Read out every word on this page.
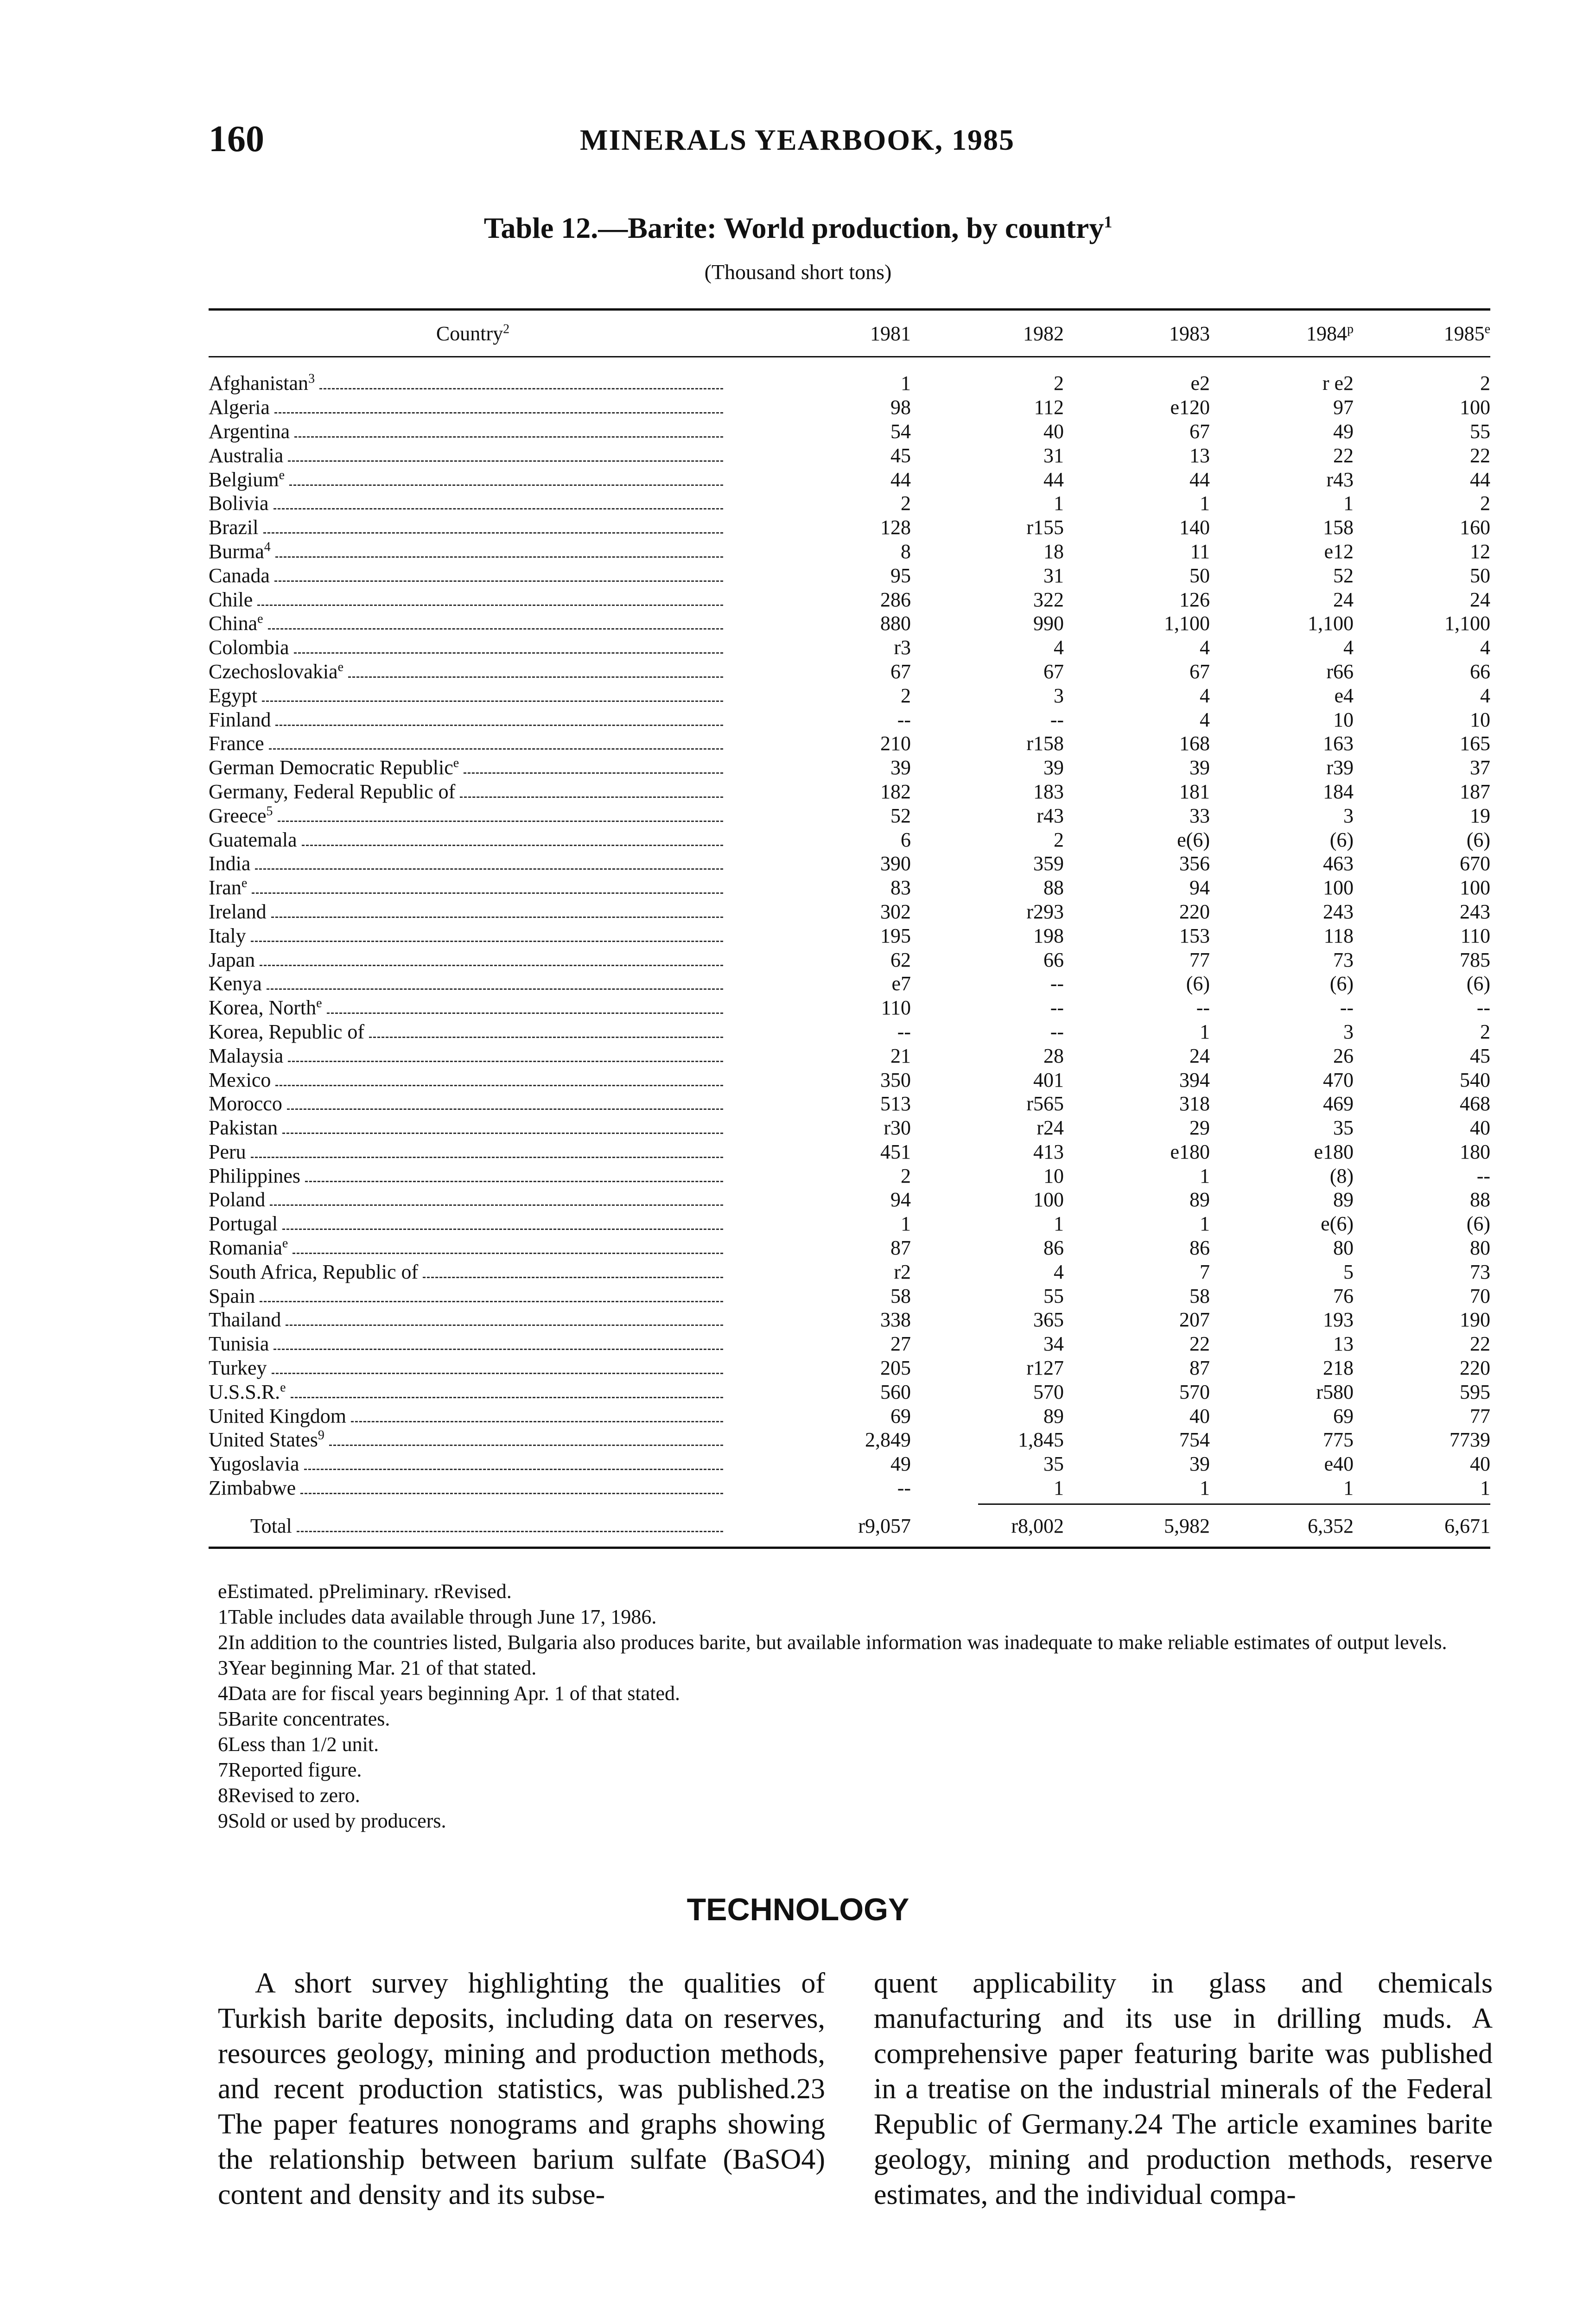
160	MINERALS YEARBOOK, 1985
Table 12.—Barite: World production, by country$^1$
(Thousand short tons)
Country$^2$	1981	1982	1983	1984$^p$	1985e
Afghanistan$^3$	1	2	e2	r e2	2
Algeria	98	112	e120	97	100
Argentina	54	40	67	49	55
Australia	45	31	13	22	22
Belgium$^e$	44	44	44	r43	44
Bolivia	2	1	1	1	2
Brazil	128	r155	140	158	160
Burma$^4$	8	18	11	e12	12
Canada	95	31	50	52	50
Chile	286	322	126	24	24
China$^e$	880	990	1,100	1,100	1,100
Colombia	r3	4	4	4	4
Czechoslovakia$^e$	67	67	67	r66	66
Egypt	2	3	4	e4	4
Finland	--	--	4	10	10
France	210	r158	168	163	165
German Democratic Republic$^e$	39	39	39	r39	37
Germany, Federal Republic of	182	183	181	184	187
Greece$^5$	52	r43	33	3	19
Guatemala	6	2	e(6)	(6)	(6)
India	390	359	356	463	670
Iran$^e$	83	88	94	100	100
Ireland	302	r293	220	243	243
Italy	195	198	153	118	110
Japan	62	66	77	73	785
Kenya	e7	--	(6)	(6)	(6)
Korea, North$^e$	110	--	--	--	--
Korea, Republic of	--	--	1	3	2
Malaysia	21	28	24	26	45
Mexico	350	401	394	470	540
Morocco	513	r565	318	469	468
Pakistan	r30	r24	29	35	40
Peru	451	413	e180	e180	180
Philippines	2	10	1	(8)	--
Poland	94	100	89	89	88
Portugal	1	1	1	e(6)	(6)
Romania$^e$	87	86	86	80	80
South Africa, Republic of	r2	4	7	5	73
Spain	58	55	58	76	70
Thailand	338	365	207	193	190
Tunisia	27	34	22	13	22
Turkey	205	r127	87	218	220
U.S.S.R.$^e$	560	570	570	r580	595
United Kingdom	69	89	40	69	77
United States$^9$	2,849	1,845	754	775	7739
Yugoslavia	49	35	39	e40	40
Zimbabwe	--	1	1	1	1
Total	r9,057	r8,002	5,982	6,352	6,671

eEstimated. pPreliminary. rRevised.

1Table includes data available through June 17, 1986.

2In addition to the countries listed, Bulgaria also produces barite, but available information was inadequate to make reliable estimates of output levels.

3Year beginning Mar. 21 of that stated.

4Data are for fiscal years beginning Apr. 1 of that stated.

5Barite concentrates.

6Less than 1/2 unit.

7Reported figure.

8Revised to zero.

9Sold or used by producers.

TECHNOLOGY

A short survey highlighting the qualities of Turkish barite deposits, including data on reserves, resources geology, mining and production methods, and recent production statistics, was published.23 The paper features nonograms and graphs showing the relationship between barium sulfate (BaSO4) content and density and its subse-

quent applicability in glass and chemicals manufacturing and its use in drilling muds. A comprehensive paper featuring barite was published in a treatise on the industrial minerals of the Federal Republic of Germany.24 The article examines barite geology, mining and production methods, reserve estimates, and the individual compa-
